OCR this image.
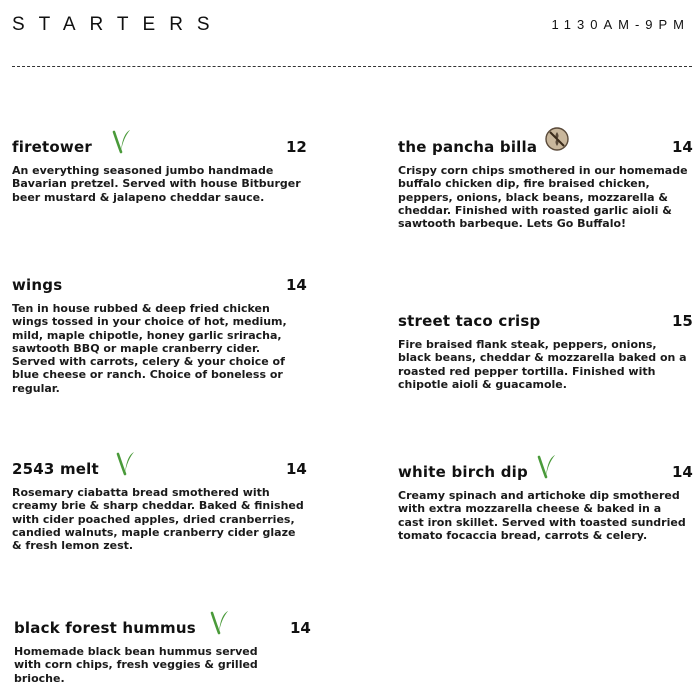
STARTERS	1130AM-9PM
firetower	12
An everything seasoned jumbo handmade Bavarian pretzel. Served with house Bitburger beer mustard & jalapeno cheddar sauce.
the pancha billa	14
Crispy corn chips smothered in our homemade buffalo chicken dip, fire braised chicken, peppers, onions, black beans, mozzarella & cheddar. Finished with roasted garlic aioli & sawtooth barbeque. Lets Go Buffalo!
wings	14
Ten in house rubbed & deep fried chicken wings tossed in your choice of hot, medium, mild, maple chipotle, honey garlic sriracha, sawtooth BBQ or maple cranberry cider. Served with carrots, celery & your choice of blue cheese or ranch. Choice of boneless or regular.
street taco crisp	15
Fire braised flank steak, peppers, onions, black beans, cheddar & mozzarella baked on a roasted red pepper tortilla. Finished with chipotle aioli & guacamole.
2543 melt	14
Rosemary ciabatta bread smothered with creamy brie & sharp cheddar. Baked & finished with cider poached apples, dried cranberries, candied walnuts, maple cranberry cider glaze & fresh lemon zest.
white birch dip	14
Creamy spinach and artichoke dip smothered with extra mozzarella cheese & baked in a cast iron skillet. Served with toasted sundried tomato focaccia bread, carrots & celery.
black forest hummus	14
Homemade black bean hummus served with corn chips, fresh veggies & grilled brioche.
